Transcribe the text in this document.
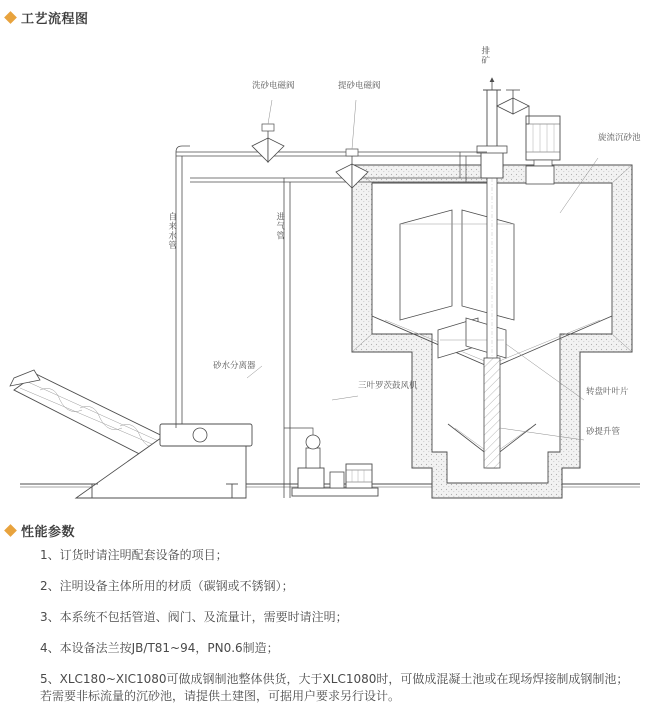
工艺流程图
洗砂电磁阀	提砂电磁阀
排矿
旋流沉砂池
自来水管	进气管
砂水分离器
三叶罗茨鼓风机
转盘叶叶片
砂提升管
性能参数
1、订货时请注明配套设备的项目；
2、注明设备主体所用的材质（碳钢或不锈钢）；
3、本系统不包括管道、阀门、及流量计，需要时请注明；
4、本设备法兰按JB/T81~94，PN0.6制造；
5、XLC180~XIC1080可做成钢制池整体供货，大于XLC1080时，可做成混凝土池或在现场焊接制成钢制池；
若需要非标流量的沉砂池，请提供土建图，可据用户要求另行设计。
